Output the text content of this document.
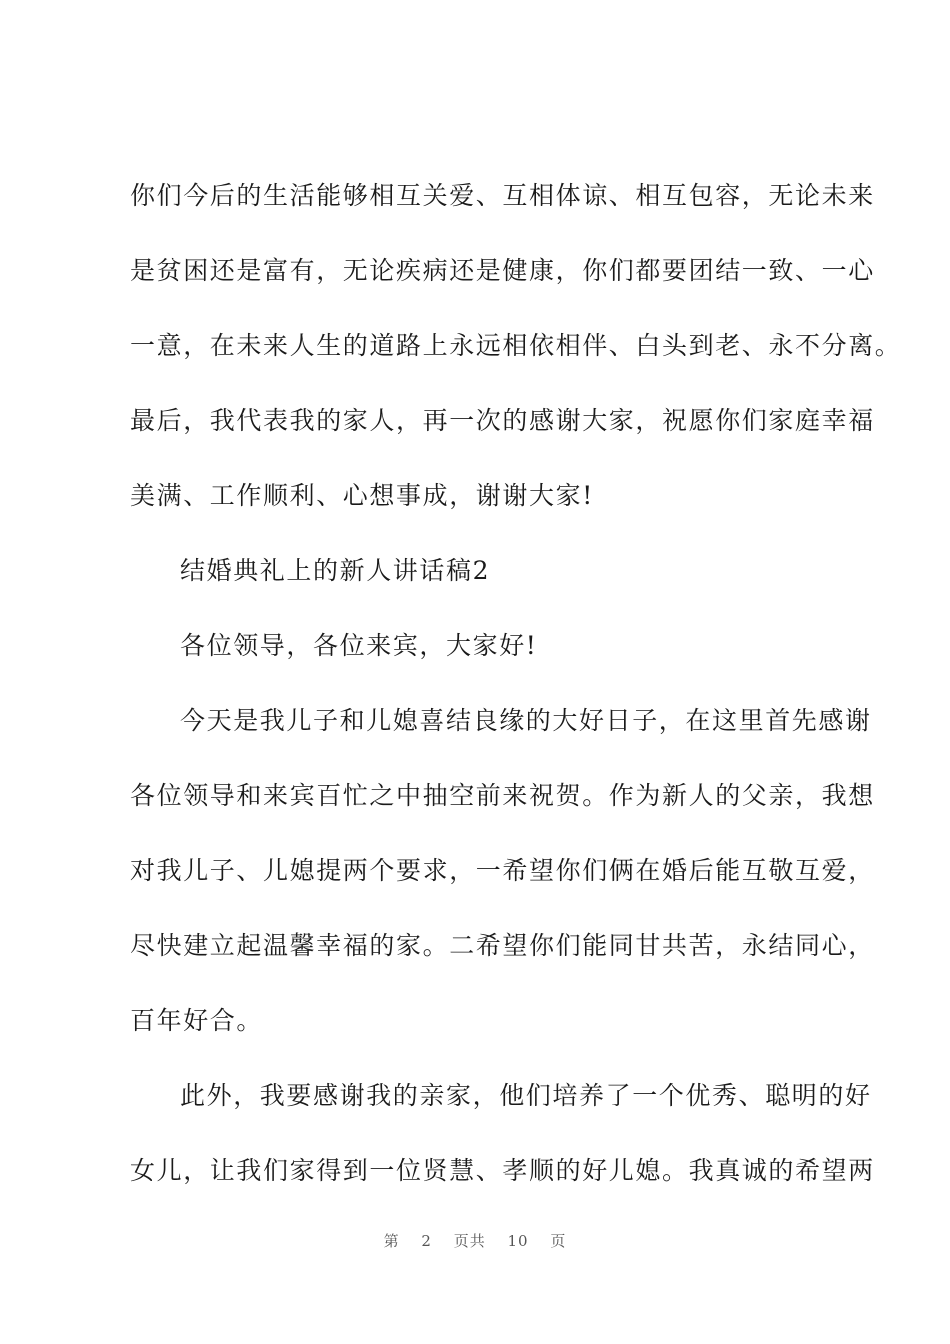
你们今后的生活能够相互关爱、互相体谅、相互包容，无论未来
是贫困还是富有，无论疾病还是健康，你们都要团结一致、一心
一意，在未来人生的道路上永远相依相伴、白头到老、永不分离。
最后，我代表我的家人，再一次的感谢大家，祝愿你们家庭幸福
美满、工作顺利、心想事成，谢谢大家!
结婚典礼上的新人讲话稿2
各位领导，各位来宾，大家好!
今天是我儿子和儿媳喜结良缘的大好日子，在这里首先感谢
各位领导和来宾百忙之中抽空前来祝贺。作为新人的父亲，我想
对我儿子、儿媳提两个要求，一希望你们俩在婚后能互敬互爱，
尽快建立起温馨幸福的家。二希望你们能同甘共苦，永结同心，
百年好合。
此外，我要感谢我的亲家，他们培养了一个优秀、聪明的好
女儿，让我们家得到一位贤慧、孝顺的好儿媳。我真诚的希望两
第 2 页共 10 页
